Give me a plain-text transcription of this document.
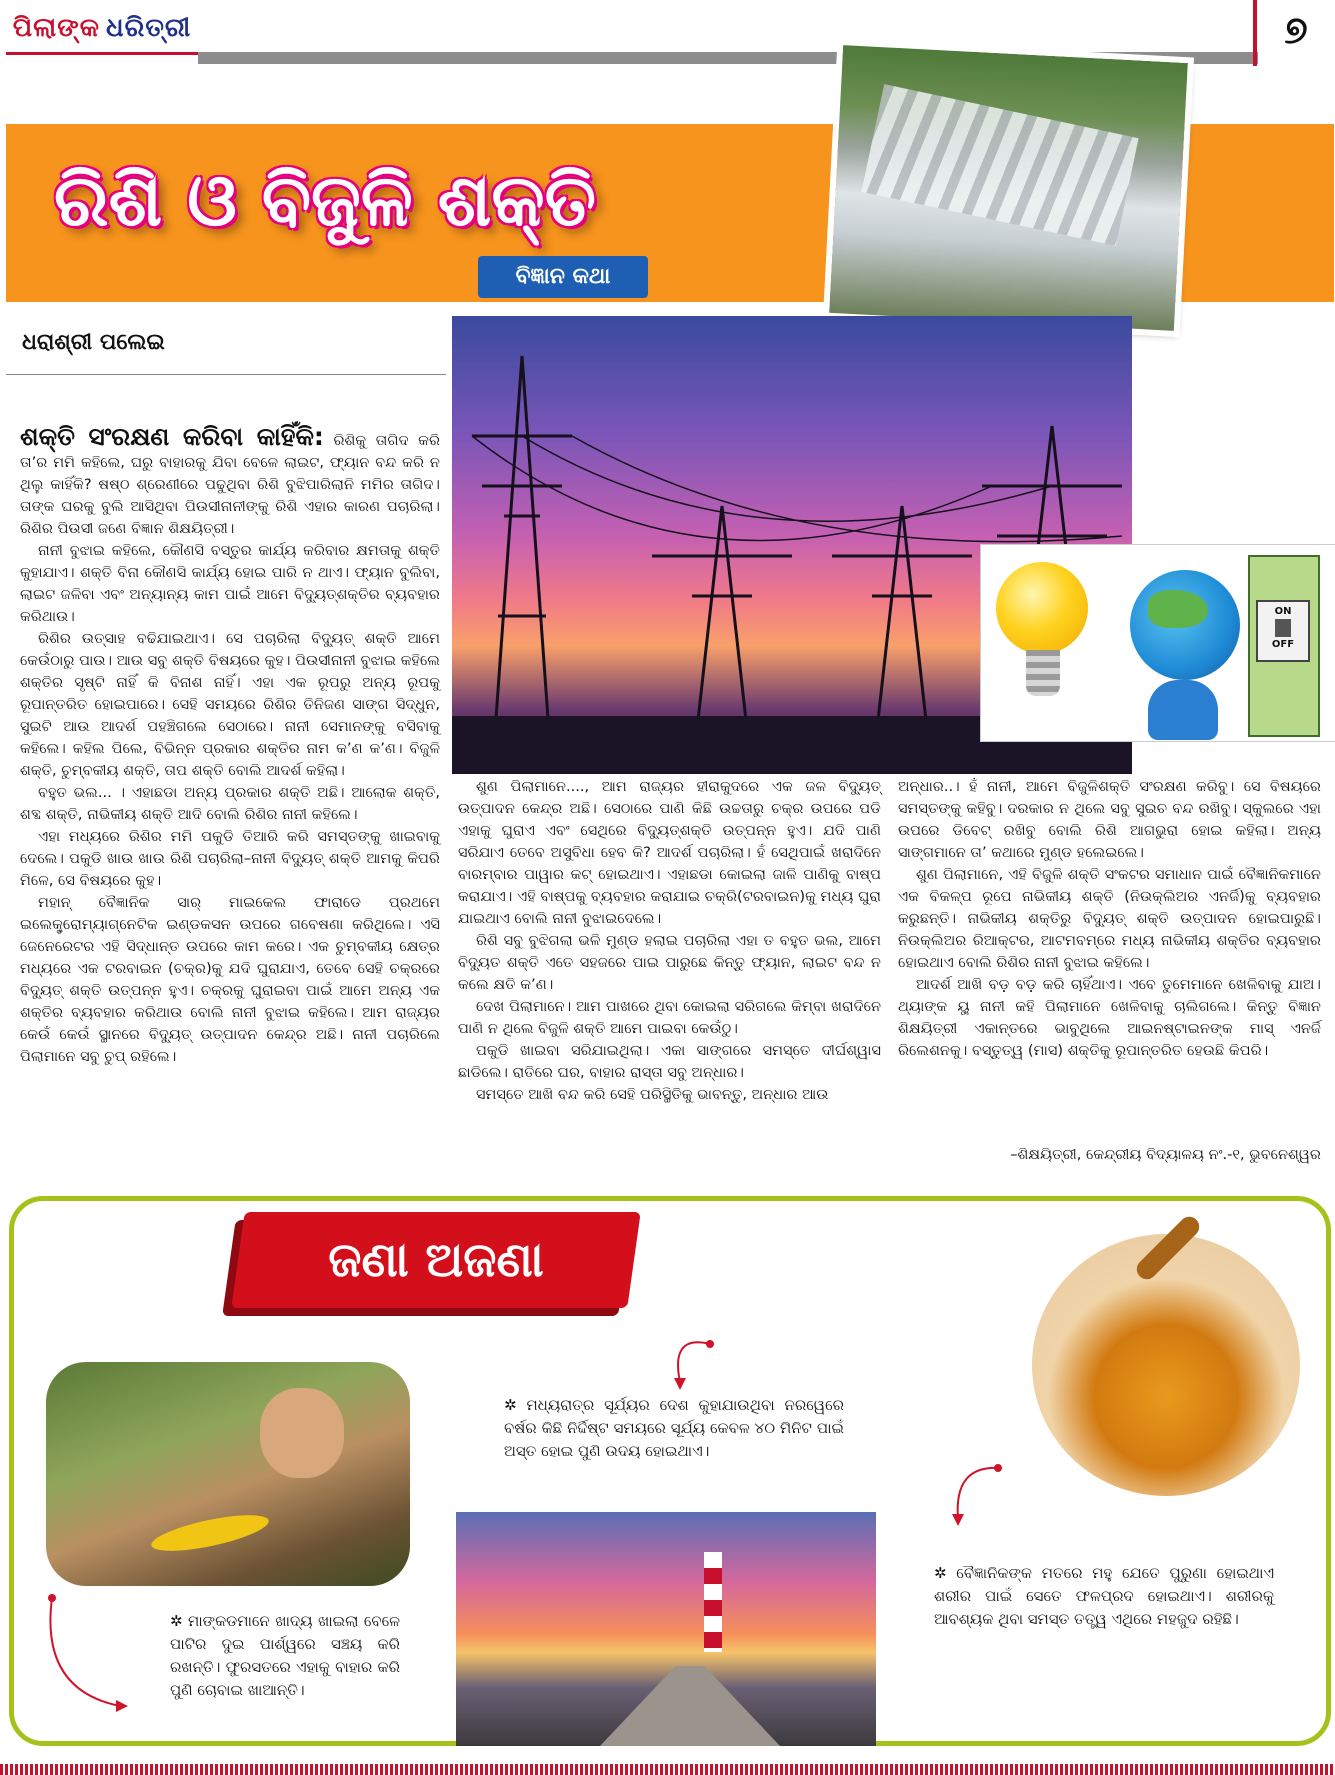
ପିଲାଙ୍କ ଧରିତ୍ରୀ	୭
ରିଶି ଓ ବିଜୁଳି ଶକ୍ତି
ବିଜ୍ଞାନ କଥା
ଧରାଶ୍ରୀ ପଲେଇ
ON
OFF

ଶକ୍ତି ସଂରକ୍ଷଣ କରିବା କାହିଁକି: ରିଶିକୁ ତାଗିଦ କରି ତା’ର ମମି କହିଲେ, ଘରୁ ବାହାରକୁ ଯିବା ବେଳେ ଲାଇଟ, ଫ୍ୟାନ ବନ୍ଦ କରି ନ ଥିଲୁ କାହିଁକି? ଷଷ୍ଠ ଶ୍ରେଣୀରେ ପଢୁଥିବା ରିଶି ବୁଝିପାରିଲାନି ମମିର ତାଗିଦ। ତାଙ୍କ ଘରକୁ ବୁଲି ଆସିଥିବା ପିଉସୀନାନୀଙ୍କୁ ରିଶି ଏହାର କାରଣ ପଚାରିଲା। ରିଶିର ପିଉସୀ ଜଣେ ବିଜ୍ଞାନ ଶିକ୍ଷୟିତ୍ରୀ।

ନାନୀ ବୁଝାଇ କହିଲେ, କୌଣସି ବସ୍ତୁର କାର୍ଯ୍ୟ କରିବାର କ୍ଷମତାକୁ ଶକ୍ତି କୁହାଯାଏ। ଶକ୍ତି ବିନା କୌଣସି କାର୍ଯ୍ୟ ହୋଇ ପାରି ନ ଥାଏ। ଫ୍ୟାନ ବୁଲିବା, ଲାଇଟ ଜଳିବା ଏବଂ ଅନ୍ୟାନ୍ୟ କାମ ପାଇଁ ଆମେ ବିଦ୍ୟୁତ୍‌ଶକ୍ତିର ବ୍ୟବହାର କରିଥାଉ।

ରିଶିର ଉତ୍ସାହ ବଢିଯାଇଥାଏ। ସେ ପଚାରିଲା ବିଦ୍ୟୁତ୍ ଶକ୍ତି ଆମେ କେଉଁଠାରୁ ପାଉ। ଆଉ ସବୁ ଶକ୍ତି ବିଷୟରେ କୁହ। ପିଉସୀନାନୀ ବୁଝାଇ କହିଲେ ଶକ୍ତିର ସୃଷ୍ଟି ନାହିଁ କି ବିନାଶ ନାହିଁ। ଏହା ଏକ ରୂପରୁ ଅନ୍ୟ ରୂପକୁ ରୂପାନ୍ତରିତ ହୋଇପାରେ। ସେହି ସମୟରେ ରିଶିର ତିନିଜଣ ସାଙ୍ଗ ସିଦ୍ଧୁନ, ସୁଇଟି ଆଉ ଆଦର୍ଶ ପହଞ୍ଚିଗଲେ ସେଠାରେ। ନାନୀ ସେମାନଙ୍କୁ ବସିବାକୁ କହିଲେ। କହିଲ ପିଲେ, ବିଭିନ୍ନ ପ୍ରକାର ଶକ୍ତିର ନାମ କ’ଣ କ’ଣ। ବିଜୁଳି ଶକ୍ତି, ଚୁମ୍ବକୀୟ ଶକ୍ତି, ତାପ ଶକ୍ତି ବୋଲି ଆଦର୍ଶ କହିଲା।

ବହୁତ ଭଲ... । ଏହାଛଡା ଅନ୍ୟ ପ୍ରକାର ଶକ୍ତି ଅଛି। ଆଲୋକ ଶକ୍ତି, ଶବ୍ଦ ଶକ୍ତି, ନାଭିକୀୟ ଶକ୍ତି ଆଦି ବୋଲି ରିଶିର ନାନୀ କହିଲେ।

ଏହା ମଧ୍ୟରେ ରିଶିର ମମି ପକୁଡି ତିଆରି କରି ସମସ୍ତଙ୍କୁ ଖାଇବାକୁ ଦେଲେ। ପକୁଡି ଖାଉ ଖାଉ ରିଶି ପଚାରିଲା–ନାନୀ ବିଦ୍ୟୁତ୍ ଶକ୍ତି ଆମକୁ କିପରି ମିଳେ, ସେ ବିଷୟରେ କୁହ।

ମହାନ୍ ବୈଜ୍ଞାନିକ ସାର୍ ମାଇକେଲ ଫାରାଡେ ପ୍ରଥମେ ଇଲେକ୍ଟ୍ରୋମ୍ୟାଗ୍ନେଟିକ ଇଣ୍ଡକସନ ଉପରେ ଗବେଷଣା କରିଥିଲେ। ଏସି ଜେନେରେଟର ଏହି ସିଦ୍ଧାନ୍ତ ଉପରେ କାମ କରେ। ଏକ ଚୁମ୍ବକୀୟ କ୍ଷେତ୍ର ମଧ୍ୟରେ ଏକ ଟରବାଇନ (ଚକ୍ର)କୁ ଯଦି ଘୁରାଯାଏ, ତେବେ ସେହି ଚକ୍ରରେ ବିଦ୍ୟୁତ୍ ଶକ୍ତି ଉତ୍ପନ୍ନ ହୁଏ। ଚକ୍ରକୁ ଘୁରାଇବା ପାଇଁ ଆମେ ଅନ୍ୟ ଏକ ଶକ୍ତିର ବ୍ୟବହାର କରିଥାଉ ବୋଲି ନାନୀ ବୁଝାଇ କହିଲେ। ଆମ ରାଜ୍ୟର କେଉଁ କେଉଁ ସ୍ଥାନରେ ବିଦ୍ୟୁତ୍ ଉତ୍ପାଦନ କେନ୍ଦ୍ର ଅଛି। ନାନୀ ପଚାରିଲେ ପିଲାମାନେ ସବୁ ଚୁପ୍ ରହିଲେ।

ଶୁଣ ପିଲାମାନେ...., ଆମ ରାଜ୍ୟର ହୀରାକୁଦରେ ଏକ ଜଳ ବିଦ୍ୟୁତ୍ ଉତ୍ପାଦନ କେନ୍ଦ୍ର ଅଛି। ସେଠାରେ ପାଣି କିଛି ଉଚ୍ଚତାରୁ ଚକ୍ର ଉପରେ ପଡି ଏହାକୁ ଘୁରାଏ ଏବଂ ସେଥିରେ ବିଦ୍ୟୁତ୍‌ଶକ୍ତି ଉତ୍ପନ୍ନ ହୁଏ। ଯଦି ପାଣି ସରିଯାଏ ତେବେ ଅସୁବିଧା ହେବ କି? ଆଦର୍ଶ ପଚାରିଲା। ହଁ ସେଥିପାଇଁ ଖରାଦିନେ ବାରମ୍ବାର ପାୱାର କଟ୍ ହୋଇଥାଏ। ଏହାଛଡା କୋଇଲା ଜାଳି ପାଣିକୁ ବାଷ୍ପ କରାଯାଏ। ଏହି ବାଷ୍ପକୁ ବ୍ୟବହାର କରାଯାଇ ଚକ୍ରି(ଟରବାଇନ)କୁ ମଧ୍ୟ ଘୁରା ଯାଇଥାଏ ବୋଲି ନାନୀ ବୁଝାଇଦେଲେ।

ରିଶି ସବୁ ବୁଝିଗଲା ଭଳି ମୁଣ୍ଡ ହଲାଇ ପଚାରିଲା ଏହା ତ ବହୁତ ଭଲ, ଆମେ ବିଦ୍ୟୁତ ଶକ୍ତି ଏତେ ସହଜରେ ପାଇ ପାରୁଛେ କିନ୍ତୁ ଫ୍ୟାନ, ଲାଇଟ ବନ୍ଦ ନ କଲେ କ୍ଷତି କ’ଣ।

ଦେଖ ପିଲାମାନେ। ଆମ ପାଖରେ ଥିବା କୋଇଲା ସରିଗଲେ କିମ୍ବା ଖରାଦିନେ ପାଣି ନ ଥିଲେ ବିଜୁଳି ଶକ୍ତି ଆମେ ପାଇବା କେଉଁଠୁ।

ପକୁଡି ଖାଇବା ସରିଯାଇଥିଲା। ଏକା ସାଙ୍ଗରେ ସମସ୍ତେ ଦୀର୍ଘଶ୍ୱାସ ଛାଡିଲେ। ରାତିରେ ଘର, ବାହାର ରାସ୍ତା ସବୁ ଅନ୍ଧାର।

ସମସ୍ତେ ଆଖି ବନ୍ଦ କରି ସେହି ପରିସ୍ଥିତିକୁ ଭାବନ୍ତୁ, ଅନ୍ଧାର ଆଉ

ଅନ୍ଧାର..। ହଁ ନାନୀ, ଆମେ ବିଜୁଳିଶକ୍ତି ସଂରକ୍ଷଣ କରିବୁ। ସେ ବିଷୟରେ ସମସ୍ତଙ୍କୁ କହିବୁ। ଦରକାର ନ ଥିଲେ ସବୁ ସୁଇଚ ବନ୍ଦ ରଖିବୁ। ସ୍କୁଲରେ ଏହା ଉପରେ ଡିବେଟ୍ ରଖିବୁ ବୋଲି ରିଶି ଆଗଭୁରା ହୋଇ କହିଲା। ଅନ୍ୟ ସାଙ୍ଗମାନେ ତା’ କଥାରେ ମୁଣ୍ଡ ହଲେଇଲେ।

ଶୁଣ ପିଲାମାନେ, ଏହି ବିଜୁଳି ଶକ୍ତି ସଂକଟର ସମାଧାନ ପାଇଁ ବୈଜ୍ଞାନିକମାନେ ଏକ ବିକଳ୍ପ ରୂପେ ନାଭିକୀୟ ଶକ୍ତି (ନିଉକ୍ଲିଅର ଏନର୍ଜି)କୁ ବ୍ୟବହାର କରୁଛନ୍ତି। ନାଭିକୀୟ ଶକ୍ତିରୁ ବିଦ୍ୟୁତ୍ ଶକ୍ତି ଉତ୍ପାଦନ ହୋଇପାରୁଛି। ନିଉକ୍ଲିଅର ରିଆକ୍ଟର, ଆଟମବମ୍‌ରେ ମଧ୍ୟ ନାଭିକୀୟ ଶକ୍ତିର ବ୍ୟବହାର ହୋଇଥାଏ ବୋଲି ରିଶିର ନାନୀ ବୁଝାଇ କହିଲେ।

ଆଦର୍ଶ ଆଖି ବଡ଼ ବଡ଼ କରି ଚାହିଁଥାଏ। ଏବେ ତୁମେମାନେ ଖେଳିବାକୁ ଯାଅ। ଥ୍ୟାଙ୍କ ୟୁ ନାନୀ କହି ପିଲାମାନେ ଖେଳିବାକୁ ଚାଲିଗଲେ। କିନ୍ତୁ ବିଜ୍ଞାନ ଶିକ୍ଷୟିତ୍ରୀ ଏକାନ୍ତରେ ଭାବୁଥିଲେ ଆଇନଷ୍ଟାଇନଙ୍କ ମାସ୍ ଏନର୍ଜି ରିଲେଶନକୁ। ବସ୍ତୁତ୍ୱ (ମାସ) ଶକ୍ତିକୁ ରୂପାନ୍ତରିତ ହେଉଛି କିପରି।

–ଶିକ୍ଷୟିତ୍ରୀ, କେନ୍ଦ୍ରୀୟ ବିଦ୍ୟାଳୟ ନଂ.-୧, ଭୁବନେଶ୍ୱର
ଜଣା ଅଜଣା
✲ ମଧ୍ୟରାତ୍ର ସୂର୍ଯ୍ୟର ଦେଶ କୁହାଯାଉଥିବା ନରୱେରେ ବର୍ଷର କିଛି ନିର୍ଦ୍ଦିଷ୍ଟ ସମୟରେ ସୂର୍ଯ୍ୟ କେବଳ ୪୦ ମିନିଟ ପାଇଁ ଅସ୍ତ ହୋଇ ପୁଣି ଉଦୟ ହୋଇଥାଏ।
✲ ମାଙ୍କଡମାନେ ଖାଦ୍ୟ ଖାଇଲା ବେଳେ ପାଟିର ଦୁଇ ପାର୍ଶ୍ୱରେ ସଞ୍ଚୟ କରି ରଖନ୍ତି। ଫୁରସତରେ ଏହାକୁ ବାହାର କରି ପୁଣି ଚୋବାଇ ଖାଆନ୍ତି।
✲ ବୈଜ୍ଞାନିକଙ୍କ ମତରେ ମହୁ ଯେତେ ପୁରୁଣା ହୋଇଥାଏ ଶରୀର ପାଇଁ ସେତେ ଫଳପ୍ରଦ ହୋଇଥାଏ। ଶରୀରକୁ ଆବଶ୍ୟକ ଥିବା ସମସ୍ତ ତତ୍ତ୍ୱ ଏଥିରେ ମହଜୁଦ ରହିଛି।
